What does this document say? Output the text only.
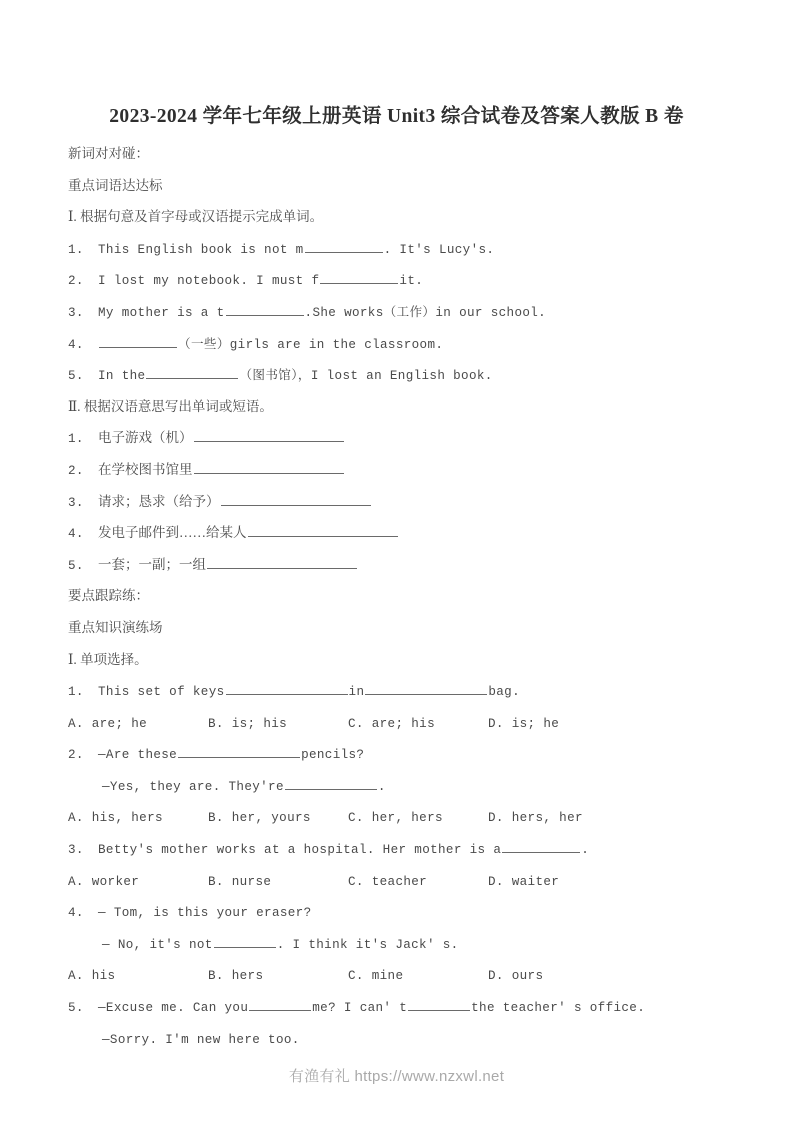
2023-2024 学年七年级上册英语 Unit3 综合试卷及答案人教版 B 卷
新词对对碰：
重点词语达达标
Ⅰ. 根据句意及首字母或汉语提示完成单词。
1. This English book is not m	. It's Lucy's.
2. I lost my notebook. I must f	it.
3. My mother is a t	.She works（工作）in our school.
4.	（一些）girls are in the classroom.
5. In the	（图书馆），I lost an English book.
Ⅱ. 根据汉语意思写出单词或短语。
1. 电子游戏（机）
2. 在学校图书馆里
3. 请求；恳求（给予）
4. 发电子邮件到……给某人
5. 一套；一副；一组
要点跟踪练：
重点知识演练场
Ⅰ. 单项选择。
1. This set of keys	in	bag.
A. are; he	B. is; his	C. are; his	D. is; he
2. —Are these	pencils?
—Yes, they are. They're	.
A. his, hers	B. her, yours	C. her, hers	D. hers, her
3. Betty's mother works at a hospital. Her mother is a	.
A. worker	B. nurse	C. teacher	D. waiter
4. — Tom, is this your eraser?
— No, it's not	. I think it's Jack' s.
A. his	B. hers	C. mine	D. ours
5. —Excuse me. Can you	me? I can' t	the teacher' s office.
—Sorry. I'm new here too.
有渔有礼 https://www.nzxwl.net
